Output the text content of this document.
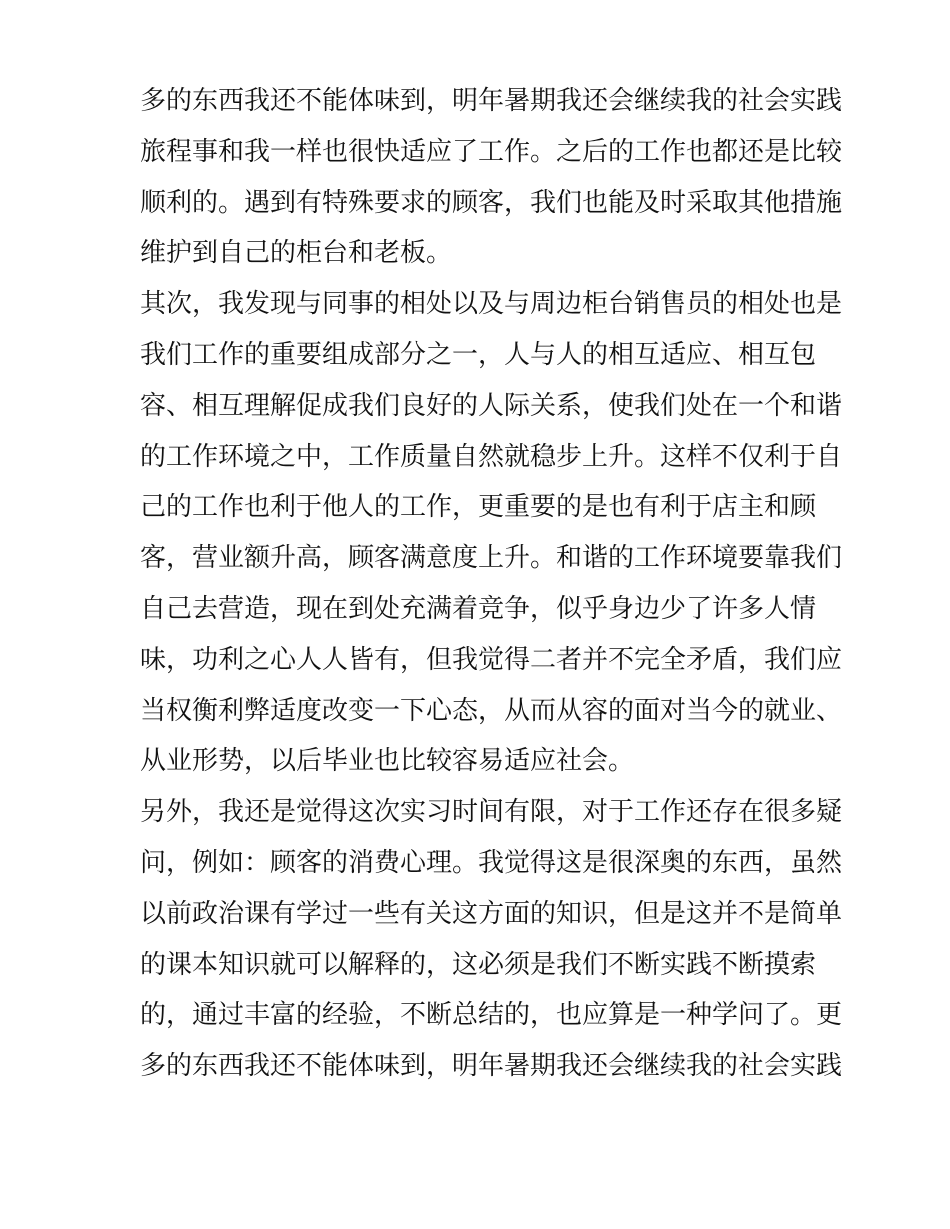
多的东西我还不能体味到，明年暑期我还会继续我的社会实践
旅程事和我一样也很快适应了工作。之后的工作也都还是比较
顺利的。遇到有特殊要求的顾客，我们也能及时采取其他措施
维护到自己的柜台和老板。
其次，我发现与同事的相处以及与周边柜台销售员的相处也是
我们工作的重要组成部分之一，人与人的相互适应、相互包
容、相互理解促成我们良好的人际关系，使我们处在一个和谐
的工作环境之中，工作质量自然就稳步上升。这样不仅利于自
己的工作也利于他人的工作，更重要的是也有利于店主和顾
客，营业额升高，顾客满意度上升。和谐的工作环境要靠我们
自己去营造，现在到处充满着竞争，似乎身边少了许多人情
味，功利之心人人皆有，但我觉得二者并不完全矛盾，我们应
当权衡利弊适度改变一下心态，从而从容的面对当今的就业、
从业形势，以后毕业也比较容易适应社会。
另外，我还是觉得这次实习时间有限，对于工作还存在很多疑
问，例如：顾客的消费心理。我觉得这是很深奥的东西，虽然
以前政治课有学过一些有关这方面的知识，但是这并不是简单
的课本知识就可以解释的，这必须是我们不断实践不断摸索
的，通过丰富的经验，不断总结的，也应算是一种学问了。更
多的东西我还不能体味到，明年暑期我还会继续我的社会实践
